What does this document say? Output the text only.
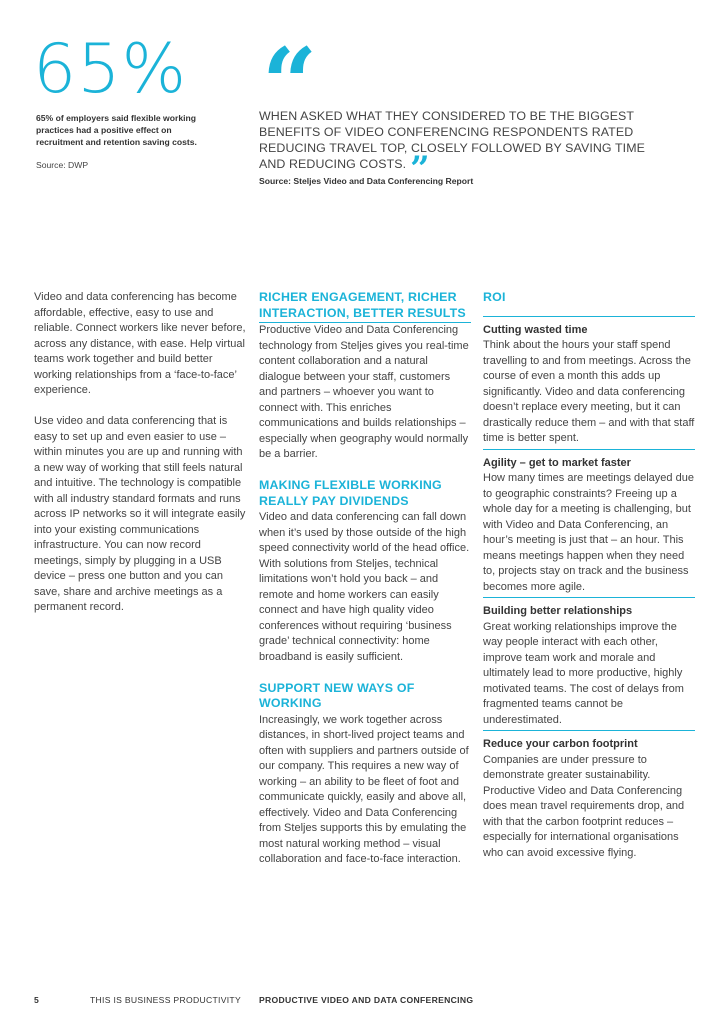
65%
65% of employers said flexible working practices had a positive effect on recruitment and retention saving costs.
Source: DWP
“
WHEN ASKED WHAT THEY CONSIDERED TO BE THE BIGGEST BENEFITS OF VIDEO CONFERENCING RESPONDENTS RATED REDUCING TRAVEL TOP, CLOSELY FOLLOWED BY SAVING TIME AND REDUCING COSTS. ”
Source: Steljes Video and Data Conferencing Report

Video and data conferencing has become affordable, effective, easy to use and reliable. Connect workers like never before, across any distance, with ease. Help virtual teams work together and build better working relationships from a ‘face-to-face’ experience.

Use video and data conferencing that is easy to set up and even easier to use – within minutes you are up and running with a new way of working that still feels natural and intuitive. The technology is compatible with all industry standard formats and runs across IP networks so it will integrate easily into your existing communications infrastructure. You can now record meetings, simply by plugging in a USB device – press one button and you can save, share and archive meetings as a permanent record.

RICHER ENGAGEMENT, RICHER INTERACTION, BETTER RESULTS

Productive Video and Data Conferencing technology from Steljes gives you real-time content collaboration and a natural dialogue between your staff, customers and partners – whoever you want to connect with. This enriches communications and builds relationships – especially when geography would normally be a barrier.

MAKING FLEXIBLE WORKING REALLY PAY DIVIDENDS

Video and data conferencing can fall down when it’s used by those outside of the high speed connectivity world of the head office. With solutions from Steljes, technical limitations won’t hold you back – and remote and home workers can easily connect and have high quality video conferences without requiring ‘business grade’ technical connectivity: home broadband is easily sufficient.

SUPPORT NEW WAYS OF WORKING

Increasingly, we work together across distances, in short-lived project teams and often with suppliers and partners outside of our company. This requires a new way of working – an ability to be fleet of foot and communicate quickly, easily and above all, effectively. Video and Data Conferencing from Steljes supports this by emulating the most natural working method – visual collaboration and face-to-face interaction.

ROI

Cutting wasted time

Think about the hours your staff spend travelling to and from meetings. Across the course of even a month this adds up significantly. Video and data conferencing doesn’t replace every meeting, but it can drastically reduce them – and with that staff time is better spent.

Agility – get to market faster

How many times are meetings delayed due to geographic constraints? Freeing up a whole day for a meeting is challenging, but with Video and Data Conferencing, an hour’s meeting is just that – an hour. This means meetings happen when they need to, projects stay on track and the business becomes more agile.

Building better relationships

Great working relationships improve the way people interact with each other, improve team work and morale and ultimately lead to more productive, highly motivated teams. The cost of delays from fragmented teams cannot be underestimated.

Reduce your carbon footprint

Companies are under pressure to demonstrate greater sustainability. Productive Video and Data Conferencing does mean travel requirements drop, and with that the carbon footprint reduces – especially for international organisations who can avoid excessive flying.

5	THIS IS BUSINESS PRODUCTIVITY PRODUCTIVE VIDEO AND DATA CONFERENCING
